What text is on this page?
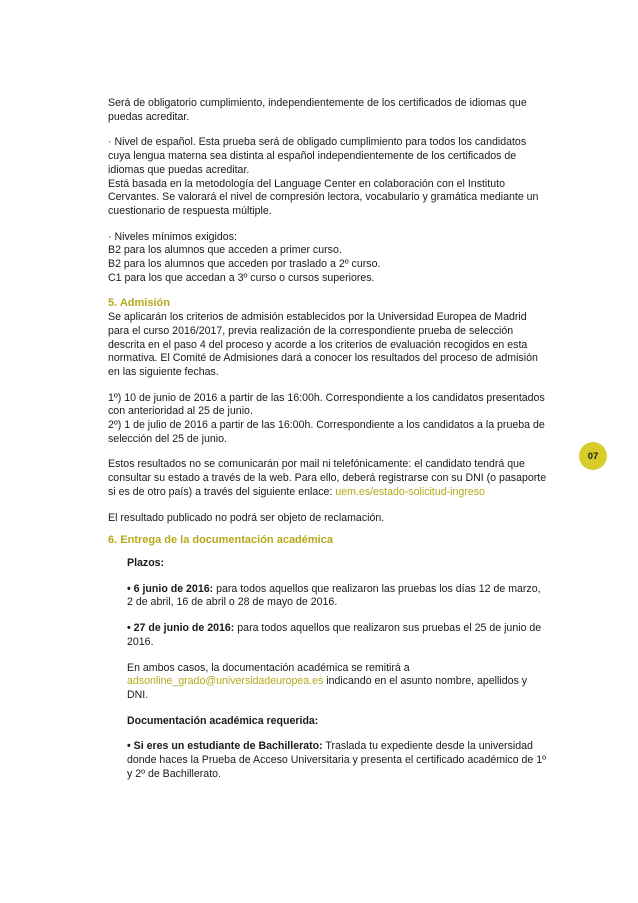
Será de obligatorio cumplimiento, independientemente de los certificados de idiomas que puedas acreditar.

· Nivel de español. Esta prueba será de obligado cumplimiento para todos los candidatos cuya lengua materna sea distinta al español independientemente de los certificados de idiomas que puedas acreditar.

Está basada en la metodología del Language Center en colaboración con el Instituto Cervantes. Se valorará el nivel de compresión lectora, vocabulario y gramática mediante un cuestionario de respuesta múltiple.

· Niveles mínimos exigidos:

B2 para los alumnos que acceden a primer curso.

B2 para los alumnos que acceden por traslado a 2º curso.

C1 para los que accedan a 3º curso o cursos superiores.

5. Admisión

Se aplicarán los criterios de admisión establecidos por la Universidad Europea de Madrid para el curso 2016/2017, previa realización de la correspondiente prueba de selección descrita en el paso 4 del proceso y acorde a los criterios de evaluación recogidos en esta normativa. El Comité de Admisiones dará a conocer los resultados del proceso de admisión en las siguiente fechas.

1º) 10 de junio de 2016 a partir de las 16:00h. Correspondiente a los candidatos presentados con anterioridad al 25 de junio.

2º) 1 de julio de 2016 a partir de las 16:00h. Correspondiente a los candidatos a la prueba de selección del 25 de junio.

Estos resultados no se comunicarán por mail ni telefónicamente: el candidato tendrá que consultar su estado a través de la web. Para ello, deberá registrarse con su DNI (o pasaporte si es de otro país) a través del siguiente enlace: uem.es/estado-solicitud-ingreso

El resultado publicado no podrá ser objeto de reclamación.

6. Entrega de la documentación académica

Plazos:

• 6 junio de 2016: para todos aquellos que realizaron las pruebas los días 12 de marzo, 2 de abril, 16 de abril o 28 de mayo de 2016.

• 27 de junio de 2016: para todos aquellos que realizaron sus pruebas el 25 de junio de 2016.

En ambos casos, la documentación académica se remitirá a adsonline_grado@universidadeuropea.es indicando en el asunto nombre, apellidos y DNI.

Documentación académica requerida:

• Si eres un estudiante de Bachillerato: Traslada tu expediente desde la universidad donde haces la Prueba de Acceso Universitaria y presenta el certificado académico de 1º y 2º de Bachillerato.

07
